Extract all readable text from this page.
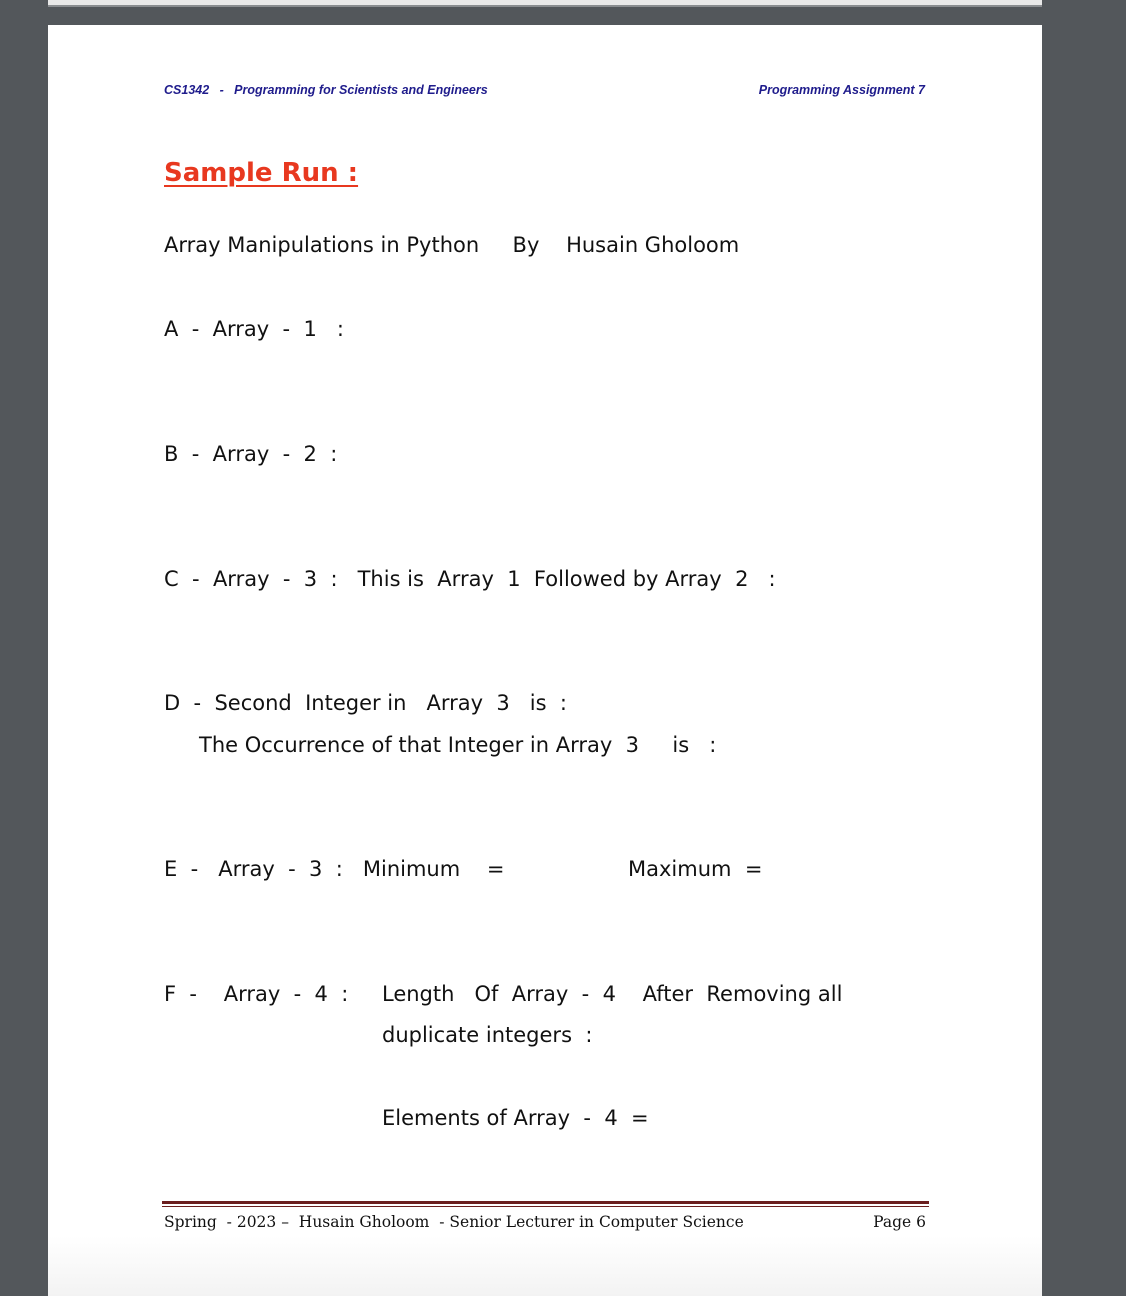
CS1342   -   Programming for Scientists and Engineers	Programming Assignment 7
Sample Run :
Array Manipulations in Python     By    Husain Gholoom
A  -  Array  -  1   :
B  -  Array  -  2  :
C  -  Array  -  3  :   This is  Array  1  Followed by Array  2   :
D  -  Second  Integer in   Array  3   is  :
The Occurrence of that Integer in Array  3     is   :
E  -   Array  -  3  :   Minimum    =	Maximum  =
F  -    Array  -  4  : Length   Of  Array  -  4    After  Removing all
duplicate integers  :
Elements of Array  -  4  =
Spring  - 2023 –  Husain Gholoom  - Senior Lecturer in Computer Science	Page 6
